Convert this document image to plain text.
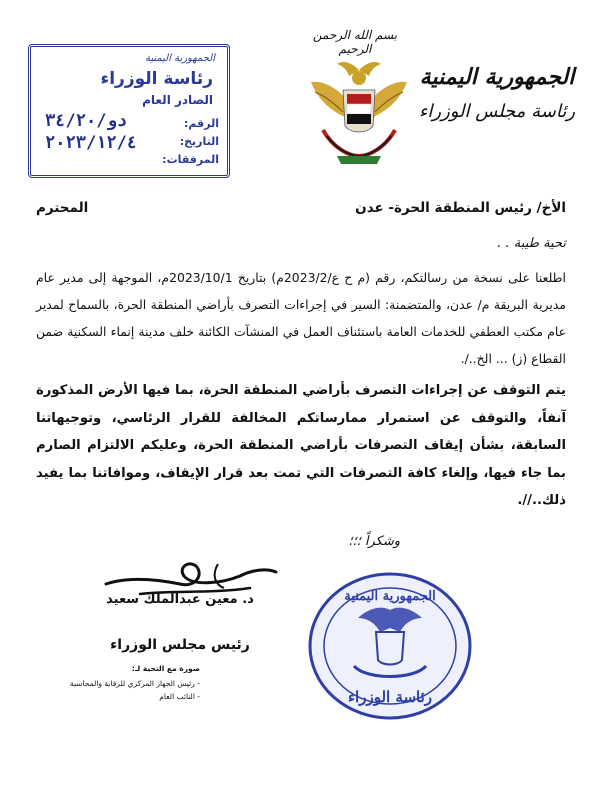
الجمهورية اليمنية
رئاسة مجلس الوزراء
بسم الله الرحمن الرحيم
الجمهورية اليمنية
رئاسة الوزراء
الصادر العام
الرقم:
دو/٣٤/٢٠
التاريخ:
٢٠٢٣/١٢/٤
المرفقات:
الأخ/ رئيس المنطقة الحرة- عدن
المحترم
تحية طيبة . .
اطلعنا على نسخة من رسالتكم، رقم (م ح ع/2023/2م) بتاريخ 2023/10/1م، الموجهة إلى مدير عام مديرية البريقة م/ عدن، والمتضمنة: السير في إجراءات التصرف بأراضي المنطقة الحرة، بالسماح لمدير عام مكتب العطفي للخدمات العامة باستئناف العمل في المنشآت الكائنة خلف مدينة إنماء السكنية ضمن القطاع (ز) ... الخ../.
يتم التوقف عن إجراءات التصرف بأراضي المنطقة الحرة، بما فيها الأرض المذكورة آنفاً، والتوقف عن استمرار ممارساتكم المخالفة للقرار الرئاسي، وتوجيهاتنا السابقة، بشأن إيقاف التصرفات بأراضي المنطقة الحرة، وعليكم الالتزام الصارم بما جاء فيها، وإلغاء كافة التصرفات التي تمت بعد قرار الإيقاف، وموافاتنا بما يفيد ذلك..//.
وشكراً ؛؛؛
د. معين عبدالملك سعيد
رئيس مجلس الوزراء
الجمهورية اليمنية
رئاسة الوزراء
صورة مع التحية لـ:
- رئيس الجهاز المركزي للرقابة والمحاسبة
- النائب العام
